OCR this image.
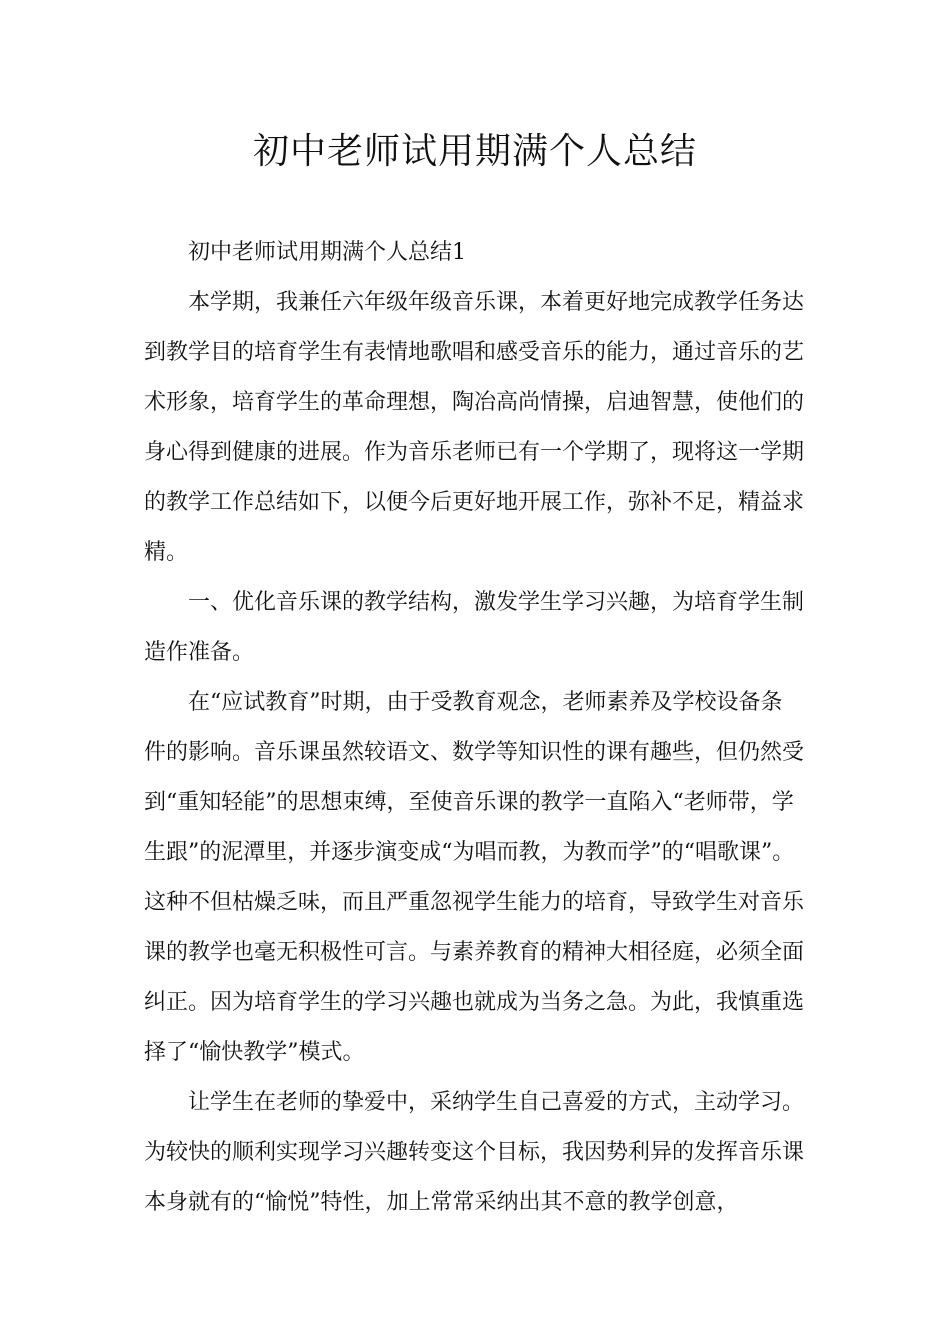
初中老师试用期满个人总结

初中老师试用期满个人总结1

本学期，我兼任六年级年级音乐课，本着更好地完成教学任务达到教学目的培育学生有表情地歌唱和感受音乐的能力，通过音乐的艺术形象，培育学生的革命理想，陶冶高尚情操，启迪智慧，使他们的身心得到健康的进展。作为音乐老师已有一个学期了，现将这一学期的教学工作总结如下，以便今后更好地开展工作，弥补不足，精益求精。

一、优化音乐课的教学结构，激发学生学习兴趣，为培育学生制造作准备。

在“应试教育”时期，由于受教育观念，老师素养及学校设备条件的影响。音乐课虽然较语文、数学等知识性的课有趣些，但仍然受到“重知轻能”的思想束缚，至使音乐课的教学一直陷入“老师带，学生跟”的泥潭里，并逐步演变成“为唱而教，为教而学”的“唱歌课”。这种不但枯燥乏味，而且严重忽视学生能力的培育，导致学生对音乐课的教学也毫无积极性可言。与素养教育的精神大相径庭，必须全面纠正。因为培育学生的学习兴趣也就成为当务之急。为此，我慎重选择了“愉快教学”模式。

让学生在老师的挚爱中，采纳学生自己喜爱的方式，主动学习。为较快的顺利实现学习兴趣转变这个目标，我因势利异的发挥音乐课本身就有的“愉悦”特性，加上常常采纳出其不意的教学创意，
